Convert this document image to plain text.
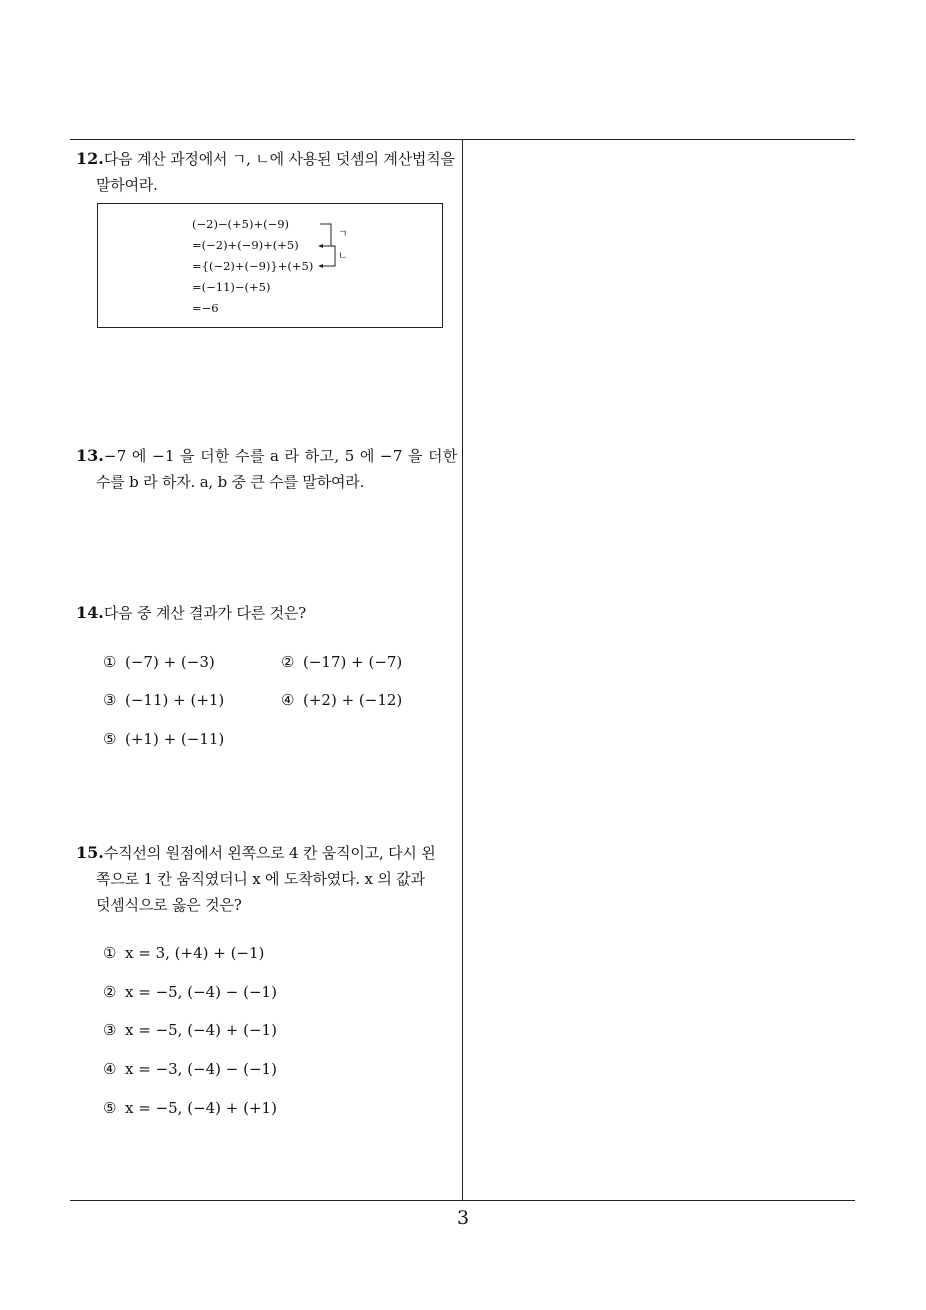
12.다음 계산 과정에서 ㄱ, ㄴ에 사용된 덧셈의 계산법칙을
말하여라.
(−2)−(+5)+(−9)
=(−2)+(−9)+(+5)
={(−2)+(−9)}+(+5)
=(−11)−(+5)
=−6
ㄱ
ㄴ
13.−7 에 −1 을 더한 수를 a 라 하고, 5 에 −7 을 더한
수를 b 라 하자. a, b 중 큰 수를 말하여라.
14.다음 중 계산 결과가 다른 것은?
① (−7) + (−3)	② (−17) + (−7)
③ (−11) + (+1)	④ (+2) + (−12)
⑤ (+1) + (−11)
15.수직선의 원점에서 왼쪽으로 4 칸 움직이고, 다시 왼
쪽으로 1 칸 움직였더니 x 에 도착하였다. x 의 값과
덧셈식으로 옳은 것은?
① x = 3, (+4) + (−1)
② x = −5, (−4) − (−1)
③ x = −5, (−4) + (−1)
④ x = −3, (−4) − (−1)
⑤ x = −5, (−4) + (+1)
3
